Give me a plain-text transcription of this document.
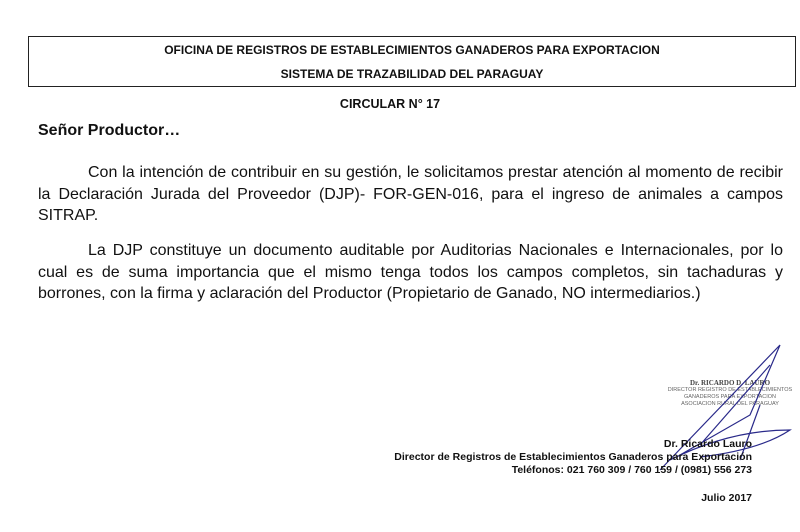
OFICINA DE REGISTROS DE ESTABLECIMIENTOS GANADEROS PARA EXPORTACION
SISTEMA DE TRAZABILIDAD DEL PARAGUAY
CIRCULAR N° 17
Señor Productor…
Con la intención de contribuir en su gestión, le solicitamos prestar atención al momento de recibir la Declaración Jurada del Proveedor (DJP)- FOR-GEN-016, para el ingreso de animales a campos SITRAP.
La DJP constituye un documento auditable por Auditorias Nacionales e Internacionales, por lo cual es de suma importancia que el mismo tenga todos los campos completos, sin tachaduras y borrones, con la firma y aclaración del Productor (Propietario de Ganado, NO intermediarios.)
Dr. RICARDO D. LAURO
DIRECTOR REGISTRO DE ESTABLECIMIENTOS
GANADEROS PARA EXPORTACION
ASOCIACION RURAL DEL PARAGUAY
Dr. Ricardo Lauro
Director de Registros de Establecimientos Ganaderos para Exportación
Teléfonos: 021 760 309 / 760 159 / (0981) 556 273
Julio 2017
